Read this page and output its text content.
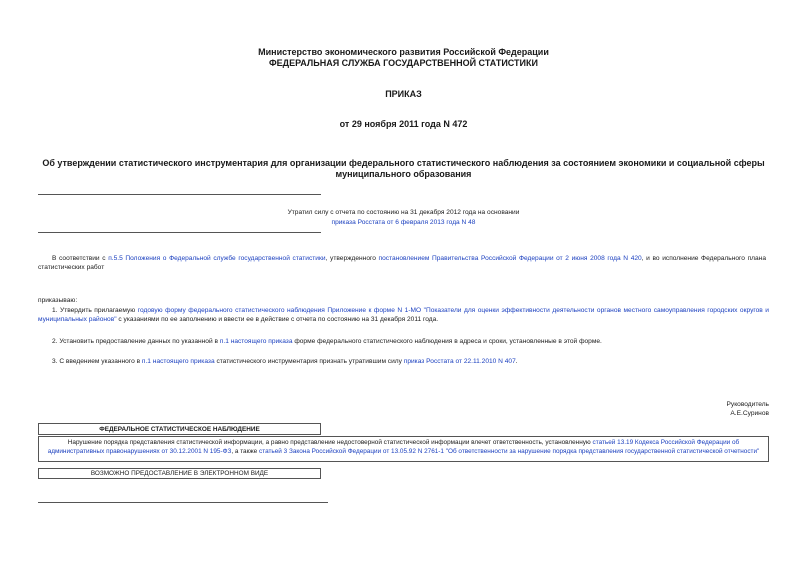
Министерство экономического развития Российской Федерации
ФЕДЕРАЛЬНАЯ СЛУЖБА ГОСУДАРСТВЕННОЙ СТАТИСТИКИ
ПРИКАЗ
от 29 ноября 2011 года N 472
Об утверждении статистического инструментария для организации федерального статистического наблюдения за состоянием экономики и социальной сферы
муниципального образования
Утратил силу с отчета по состоянию на 31 декабря 2012 года на основании
приказа Росстата от 6 февраля 2013 года N 48
В соответствии с п.5.5 Положения о Федеральной службе государственной статистики, утвержденного постановлением Правительства Российской Федерации от 2 июня 2008 года N 420, и во исполнение Федерального плана статистических работ
приказываю:
1. Утвердить прилагаемую годовую форму федерального статистического наблюдения Приложение к форме N 1-МО "Показатели для оценки эффективности деятельности органов местного самоуправления городских округов и муниципальных районов" с указаниями по ее заполнению и ввести ее в действие с отчета по состоянию на 31 декабря 2011 года.
2. Установить предоставление данных по указанной в п.1 настоящего приказа форме федерального статистического наблюдения в адреса и сроки, установленные в этой форме.
3. С введением указанного в п.1 настоящего приказа статистического инструментария признать утратившим силу приказ Росстата от 22.11.2010 N 407.
Руководитель
А.Е.Суринов
ФЕДЕРАЛЬНОЕ СТАТИСТИЧЕСКОЕ НАБЛЮДЕНИЕ
Нарушение порядка представления статистической информации, а равно представление недостоверной статистической информации влечет ответственность, установленную статьей 13.19 Кодекса Российской Федерации об административных правонарушениях от 30.12.2001 N 195-ФЗ, а также статьей 3 Закона Российской Федерации от 13.05.92 N 2761-1 "Об ответственности за нарушение порядка представления государственной статистической отчетности"
ВОЗМОЖНО ПРЕДОСТАВЛЕНИЕ В ЭЛЕКТРОННОМ ВИДЕ
